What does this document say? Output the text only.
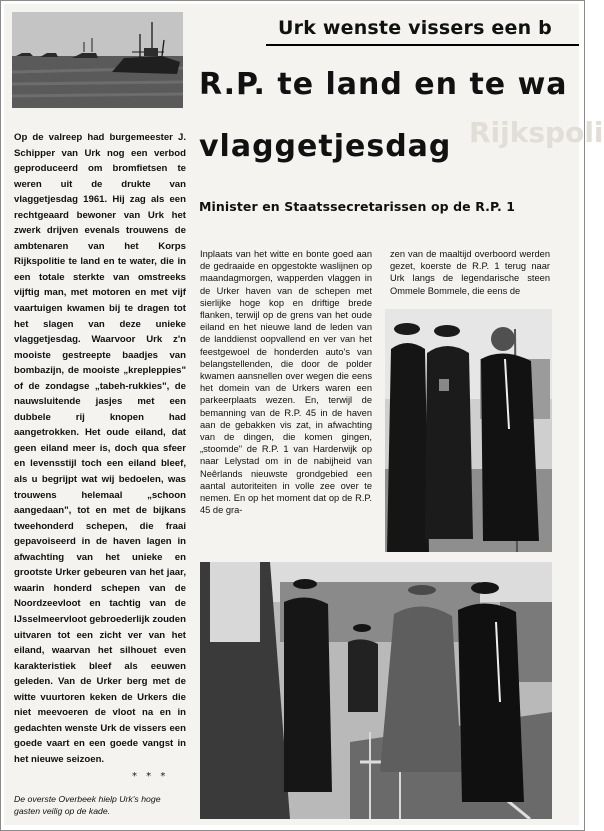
Urk wenste vissers een b
Rijkspoli
R.P. te land en te wa
vlaggetjesdag
Minister en Staatssecretarissen op de R.P. 1
Op de valreep had burgemeester J. Schipper van Urk nog een verbod geproduceerd om bromfietsen te weren uit de drukte van vlaggetjesdag 1961. Hij zag als een rechtgeaard bewoner van Urk het zwerk drijven evenals trouwens de ambtenaren van het Korps Rijkspolitie te land en te water, die in een totale sterkte van omstreeks vijftig man, met motoren en met vijf vaartuigen kwamen bij te dragen tot het slagen van deze unieke vlaggetjesdag. Waarvoor Urk z'n mooiste gestreepte baadjes van bombazijn, de mooiste „krepleppies" of de zondagse „tabeh-rukkies", de nauwsluitende jasjes met een dubbele rij knopen had aangetrokken. Het oude eiland, dat geen eiland meer is, doch qua sfeer en levensstijl toch een eiland bleef, als u begrijpt wat wij bedoelen, was trouwens helemaal „schoon aangedaan", tot en met de bijkans tweehonderd schepen, die fraai gepavoiseerd in de haven lagen in afwachting van het unieke en grootste Urker gebeuren van het jaar, waarin honderd schepen van de Noordzeevloot en tachtig van de IJsselmeervloot gebroederlijk zouden uitvaren tot een zicht ver van het eiland, waarvan het silhouet even karakteristiek bleef als eeuwen geleden. Van de Urker berg met de witte vuurtoren keken de Urkers die niet meevoeren de vloot na en in gedachten wenste Urk de vissers een goede vaart en een goede vangst in het nieuwe seizoen.
* * *
De overste Overbeek hielp Urk's hoge gasten veilig op de kade.
Inplaats van het witte en bonte goed aan de gedraaide en opgestokte waslijnen op maandagmorgen, wapperden vlaggen in de Urker haven van de schepen met sierlijke hoge kop en driftige brede flanken, terwijl op de grens van het oude eiland en het nieuwe land de leden van de landdienst oopvallend en ver van het feestgewoel de honderden auto's van belangstellenden, die door de polder kwamen aansnellen over wegen die eens het domein van de Urkers waren een parkeerplaats wezen. En, terwijl de bemanning van de R.P. 45 in de haven aan de gebakken vis zat, in afwachting van de dingen, die komen gingen, „stoomde" de R.P. 1 van Harderwijk op naar Lelystad om in de nabijheid van Neêrlands nieuwste grondgebied een aantal autoriteiten in volle zee over te nemen. En op het moment dat op de R.P. 45 de gra-
zen van de maaltijd overboord werden gezet, koerste de R.P. 1 terug naar Urk langs de legendarische steen Ommele Bommele, die eens de
